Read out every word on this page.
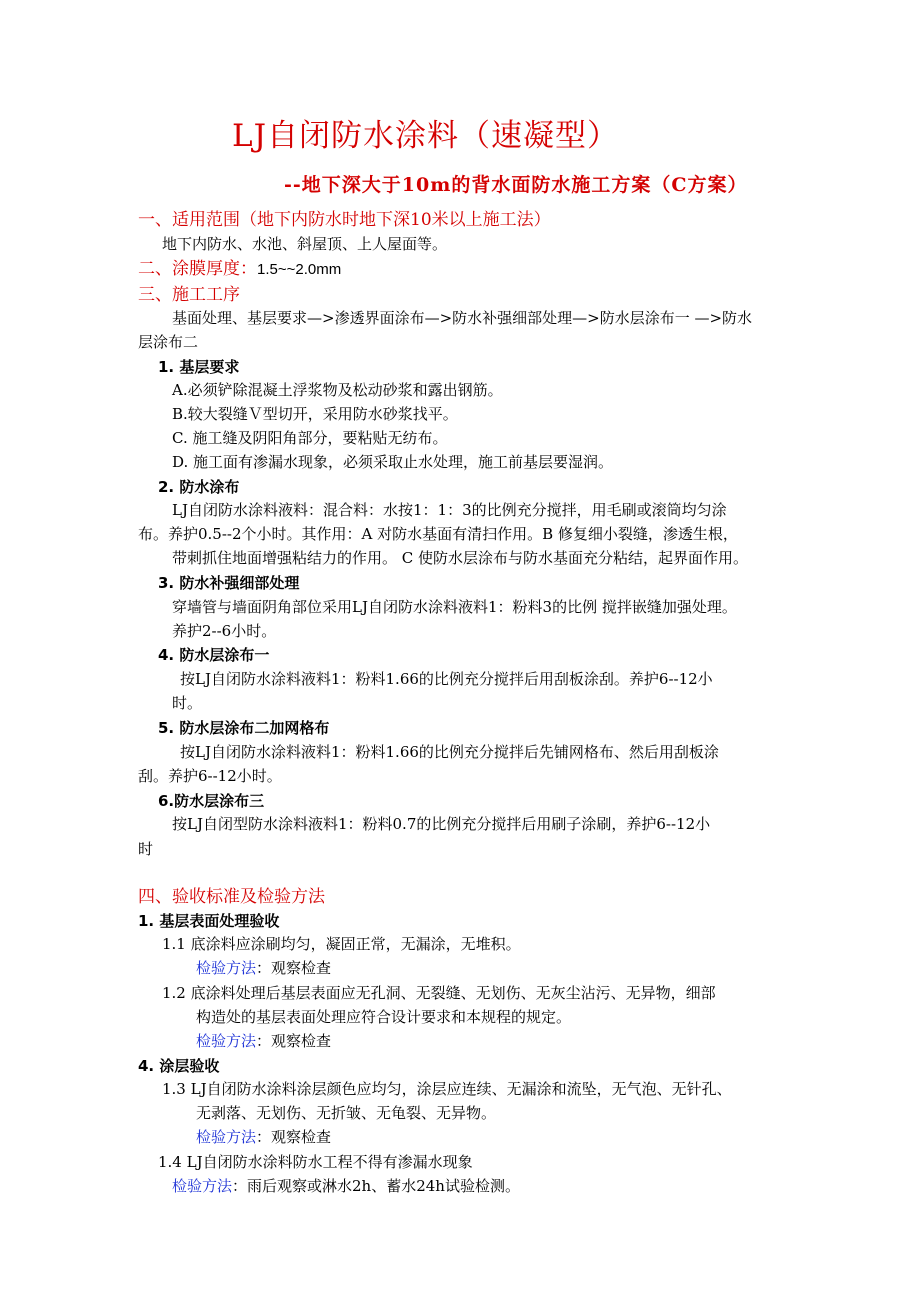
LJ自闭防水涂料（速凝型）
--地下深大于10m的背水面防水施工方案（C方案）
一、适用范围（地下内防水时地下深10米以上施工法）
地下内防水、水池、斜屋顶、上人屋面等。
二、涂膜厚度：1.5~~2.0mm
三、施工工序
基面处理、基层要求—>渗透界面涂布—>防水补强细部处理—>防水层涂布一 —>防水
层涂布二
1. 基层要求
A.必须铲除混凝土浮浆物及松动砂浆和露出钢筋。
B.较大裂缝Ｖ型切开，采用防水砂浆找平。
C. 施工缝及阴阳角部分，要粘贴无纺布。
D. 施工面有渗漏水现象，必须采取止水处理，施工前基层要湿润。
2. 防水涂布
LJ自闭防水涂料液料：混合料：水按1：1：3的比例充分搅拌，用毛刷或滚筒均匀涂
布。养护0.5--2个小时。其作用：A 对防水基面有清扫作用。B 修复细小裂缝，渗透生根，
带刺抓住地面增强粘结力的作用。 C 使防水层涂布与防水基面充分粘结，起界面作用。
3. 防水补强细部处理
穿墙管与墙面阴角部位采用LJ自闭防水涂料液料1：粉料3的比例 搅拌嵌缝加强处理。
养护2--6小时。
4. 防水层涂布一
按LJ自闭防水涂料液料1：粉料1.66的比例充分搅拌后用刮板涂刮。养护6--12小
时。
5. 防水层涂布二加网格布
按LJ自闭防水涂料液料1：粉料1.66的比例充分搅拌后先铺网格布、然后用刮板涂
刮。养护6--12小时。
6.防水层涂布三
按LJ自闭型防水涂料液料1：粉料0.7的比例充分搅拌后用刷子涂刷，养护6--12小
时
四、验收标准及检验方法
1. 基层表面处理验收
1.1 底涂料应涂刷均匀，凝固正常，无漏涂，无堆积。
检验方法：观察检查
1.2 底涂料处理后基层表面应无孔洞、无裂缝、无划伤、无灰尘沾污、无异物，细部
构造处的基层表面处理应符合设计要求和本规程的规定。
检验方法：观察检查
4. 涂层验收
1.3 LJ自闭防水涂料涂层颜色应均匀，涂层应连续、无漏涂和流坠，无气泡、无针孔、
无剥落、无划伤、无折皱、无龟裂、无异物。
检验方法：观察检查
1.4 LJ自闭防水涂料防水工程不得有渗漏水现象
检验方法：雨后观察或淋水2h、蓄水24h试验检测。
